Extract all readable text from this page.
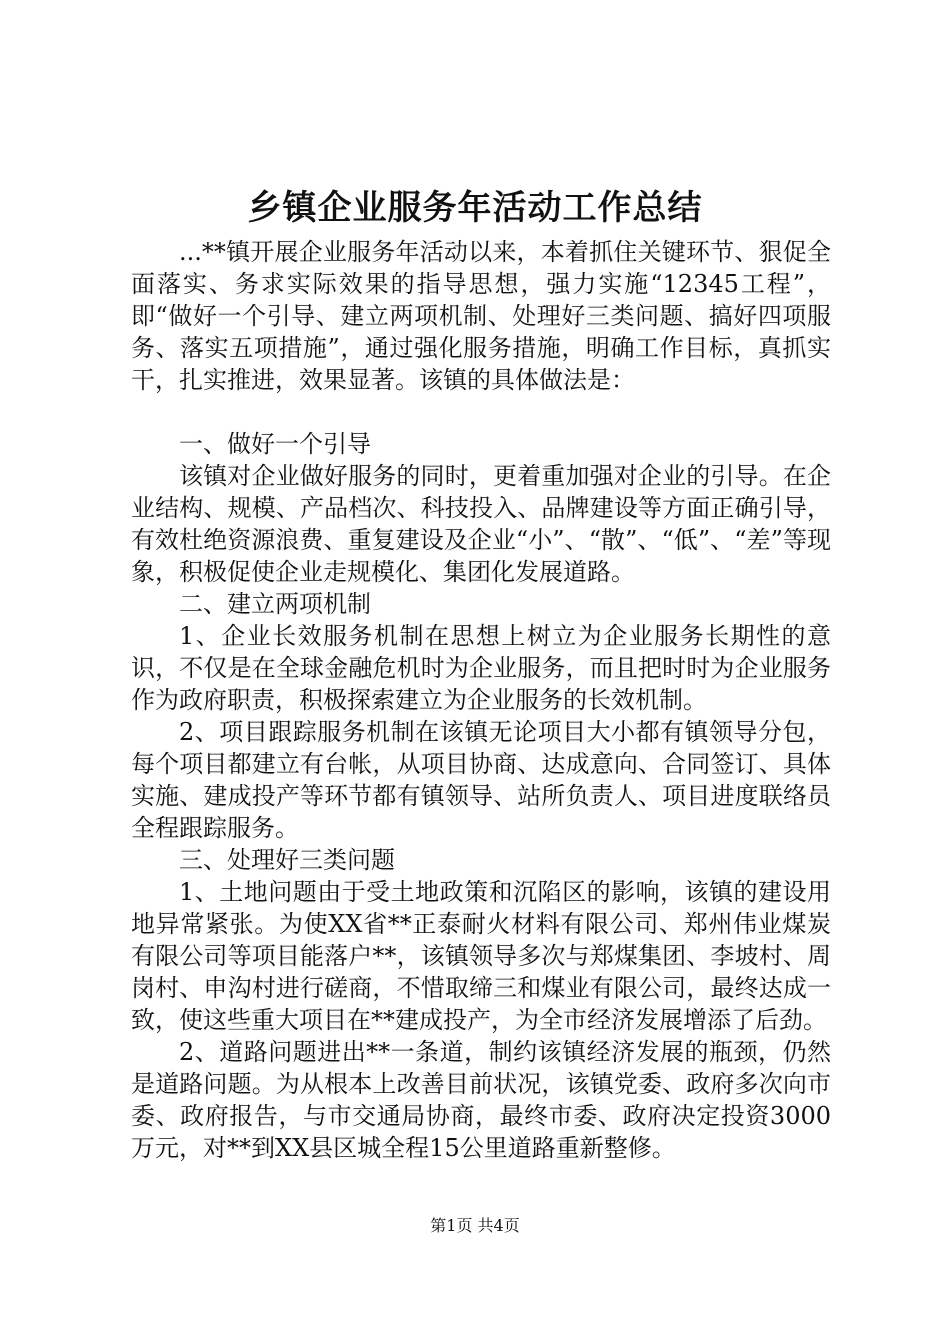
乡镇企业服务年活动工作总结

...**镇开展企业服务年活动以来，本着抓住关键环节、狠促全面落实、务求实际效果的指导思想，强力实施“12345工程”，即“做好一个引导、建立两项机制、处理好三类问题、搞好四项服务、落实五项措施”，通过强化服务措施，明确工作目标，真抓实干，扎实推进，效果显著。该镇的具体做法是：

一、做好一个引导

该镇对企业做好服务的同时，更着重加强对企业的引导。在企业结构、规模、产品档次、科技投入、品牌建设等方面正确引导，有效杜绝资源浪费、重复建设及企业“小”、“散”、“低”、“差”等现象，积极促使企业走规模化、集团化发展道路。

二、建立两项机制

1、企业长效服务机制在思想上树立为企业服务长期性的意识，不仅是在全球金融危机时为企业服务，而且把时时为企业服务作为政府职责，积极探索建立为企业服务的长效机制。

2、项目跟踪服务机制在该镇无论项目大小都有镇领导分包，每个项目都建立有台帐，从项目协商、达成意向、合同签订、具体实施、建成投产等环节都有镇领导、站所负责人、项目进度联络员全程跟踪服务。

三、处理好三类问题

1、土地问题由于受土地政策和沉陷区的影响，该镇的建设用地异常紧张。为使XX省**正泰耐火材料有限公司、郑州伟业煤炭有限公司等项目能落户**，该镇领导多次与郑煤集团、李坡村、周岗村、申沟村进行磋商，不惜取缔三和煤业有限公司，最终达成一致，使这些重大项目在**建成投产，为全市经济发展增添了后劲。

2、道路问题进出**一条道，制约该镇经济发展的瓶颈，仍然是道路问题。为从根本上改善目前状况，该镇党委、政府多次向市委、政府报告，与市交通局协商，最终市委、政府决定投资3000万元，对**到XX县区城全程15公里道路重新整修。

第1页 共4页
